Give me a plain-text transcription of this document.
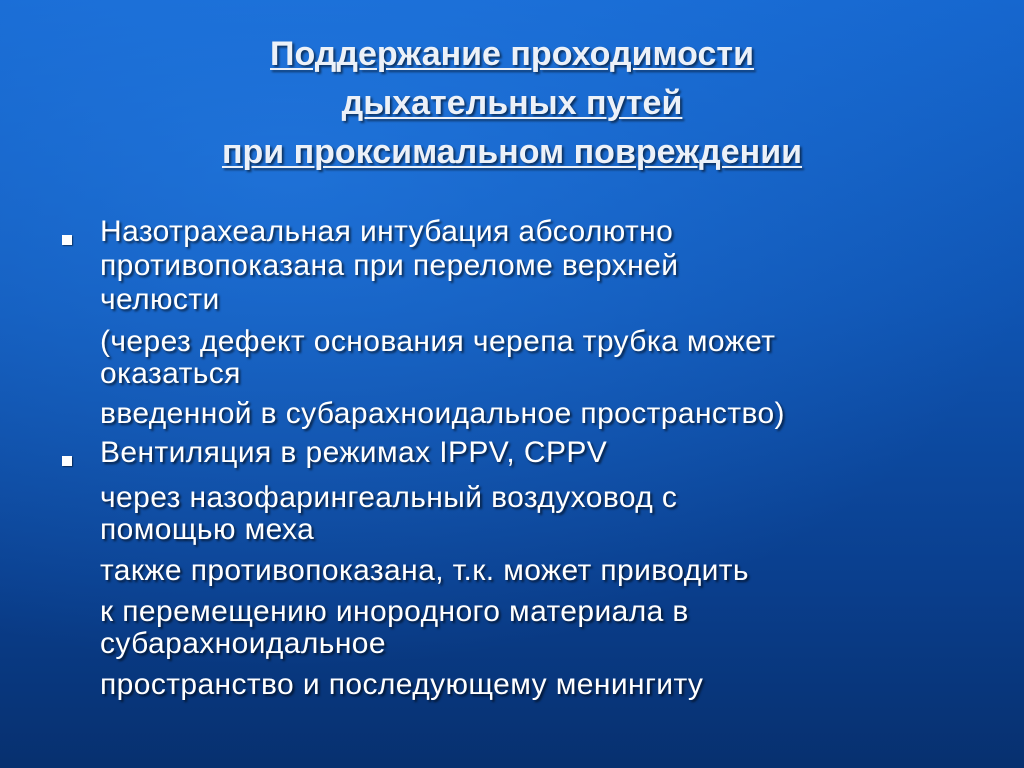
Поддержание проходимости
дыхательных путей
при проксимальном повреждении

Назотрахеальная интубация абсолютно

противопоказана при переломе верхней

челюсти

(через дефект основания черепа трубка может

оказаться

введенной в субарахноидальное пространство)

Вентиляция в режимах IPPV, CPPV

через назофарингеальный воздуховод с

помощью меха

также противопоказана, т.к. может приводить

к перемещению инородного материала в

субарахноидальное

пространство и последующему менингиту
